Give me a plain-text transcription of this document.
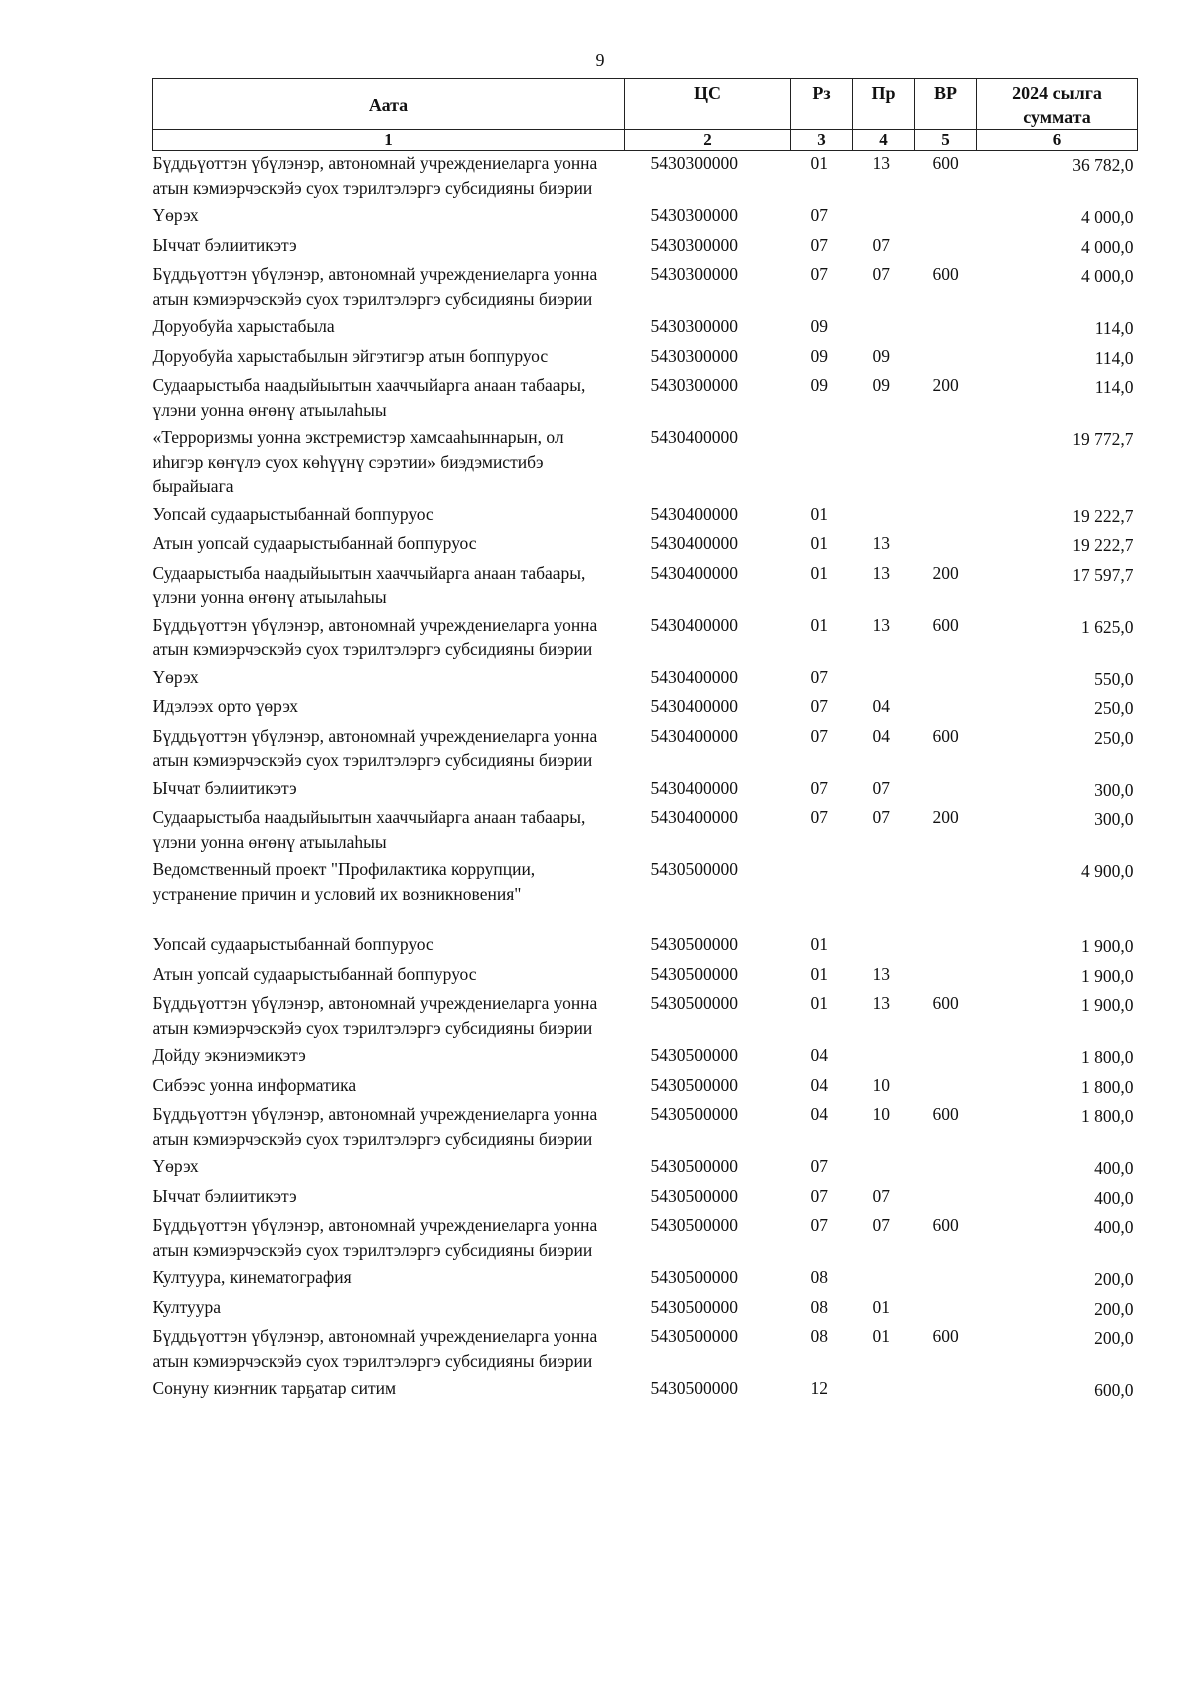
9
Аата	ЦС	Рз	Пр	ВР	2024 сылга суммата
1	2	3	4	5	6
Бүддьүоттэн үбүлэнэр, автономнай учреждениеларга уонна атын кэмиэрчэскэйэ суох тэрилтэлэргэ субсидияны биэрии	5430300000	01	13	600	36 782,0
Үөрэх	5430300000	07			4 000,0
Ыччат бэлиитикэтэ	5430300000	07	07		4 000,0
Бүддьүоттэн үбүлэнэр, автономнай учреждениеларга уонна атын кэмиэрчэскэйэ суох тэрилтэлэргэ субсидияны биэрии	5430300000	07	07	600	4 000,0
Доруобуйа харыстабыла	5430300000	09			114,0
Доруобуйа харыстабылын эйгэтигэр атын боппуруос	5430300000	09	09		114,0
Судаарыстыба наадыйыытын хааччыйарга анаан табаары, үлэни уонна өҥөнү атыылаһыы	5430300000	09	09	200	114,0
«Терроризмы уонна экстремистэр хамсааһыннарын, ол иһигэр көҥүлэ суох көһүүнү сэрэтии» биэдэмистибэ бырайыага	5430400000				19 772,7
Уопсай судаарыстыбаннай боппуруос	5430400000	01			19 222,7
Атын уопсай судаарыстыбаннай боппуруос	5430400000	01	13		19 222,7
Судаарыстыба наадыйыытын хааччыйарга анаан табаары, үлэни уонна өҥөнү атыылаһыы	5430400000	01	13	200	17 597,7
Бүддьүоттэн үбүлэнэр, автономнай учреждениеларга уонна атын кэмиэрчэскэйэ суох тэрилтэлэргэ субсидияны биэрии	5430400000	01	13	600	1 625,0
Үөрэх	5430400000	07			550,0
Идэлээх орто үөрэх	5430400000	07	04		250,0
Бүддьүоттэн үбүлэнэр, автономнай учреждениеларга уонна атын кэмиэрчэскэйэ суох тэрилтэлэргэ субсидияны биэрии	5430400000	07	04	600	250,0
Ыччат бэлиитикэтэ	5430400000	07	07		300,0
Судаарыстыба наадыйыытын хааччыйарга анаан табаары, үлэни уонна өҥөнү атыылаһыы	5430400000	07	07	200	300,0
Ведомственный проект "Профилактика коррупции, устранение причин и условий их возникновения"	5430500000				4 900,0
Уопсай судаарыстыбаннай боппуруос	5430500000	01			1 900,0
Атын уопсай судаарыстыбаннай боппуруос	5430500000	01	13		1 900,0
Бүддьүоттэн үбүлэнэр, автономнай учреждениеларга уонна атын кэмиэрчэскэйэ суох тэрилтэлэргэ субсидияны биэрии	5430500000	01	13	600	1 900,0
Дойду экэниэмикэтэ	5430500000	04			1 800,0
Сибээс уонна информатика	5430500000	04	10		1 800,0
Бүддьүоттэн үбүлэнэр, автономнай учреждениеларга уонна атын кэмиэрчэскэйэ суох тэрилтэлэргэ субсидияны биэрии	5430500000	04	10	600	1 800,0
Үөрэх	5430500000	07			400,0
Ыччат бэлиитикэтэ	5430500000	07	07		400,0
Бүддьүоттэн үбүлэнэр, автономнай учреждениеларга уонна атын кэмиэрчэскэйэ суох тэрилтэлэргэ субсидияны биэрии	5430500000	07	07	600	400,0
Култуура, кинематография	5430500000	08			200,0
Култуура	5430500000	08	01		200,0
Бүддьүоттэн үбүлэнэр, автономнай учреждениеларга уонна атын кэмиэрчэскэйэ суох тэрилтэлэргэ субсидияны биэрии	5430500000	08	01	600	200,0
Сонуну киэҥник тарҕатар ситим	5430500000	12			600,0
